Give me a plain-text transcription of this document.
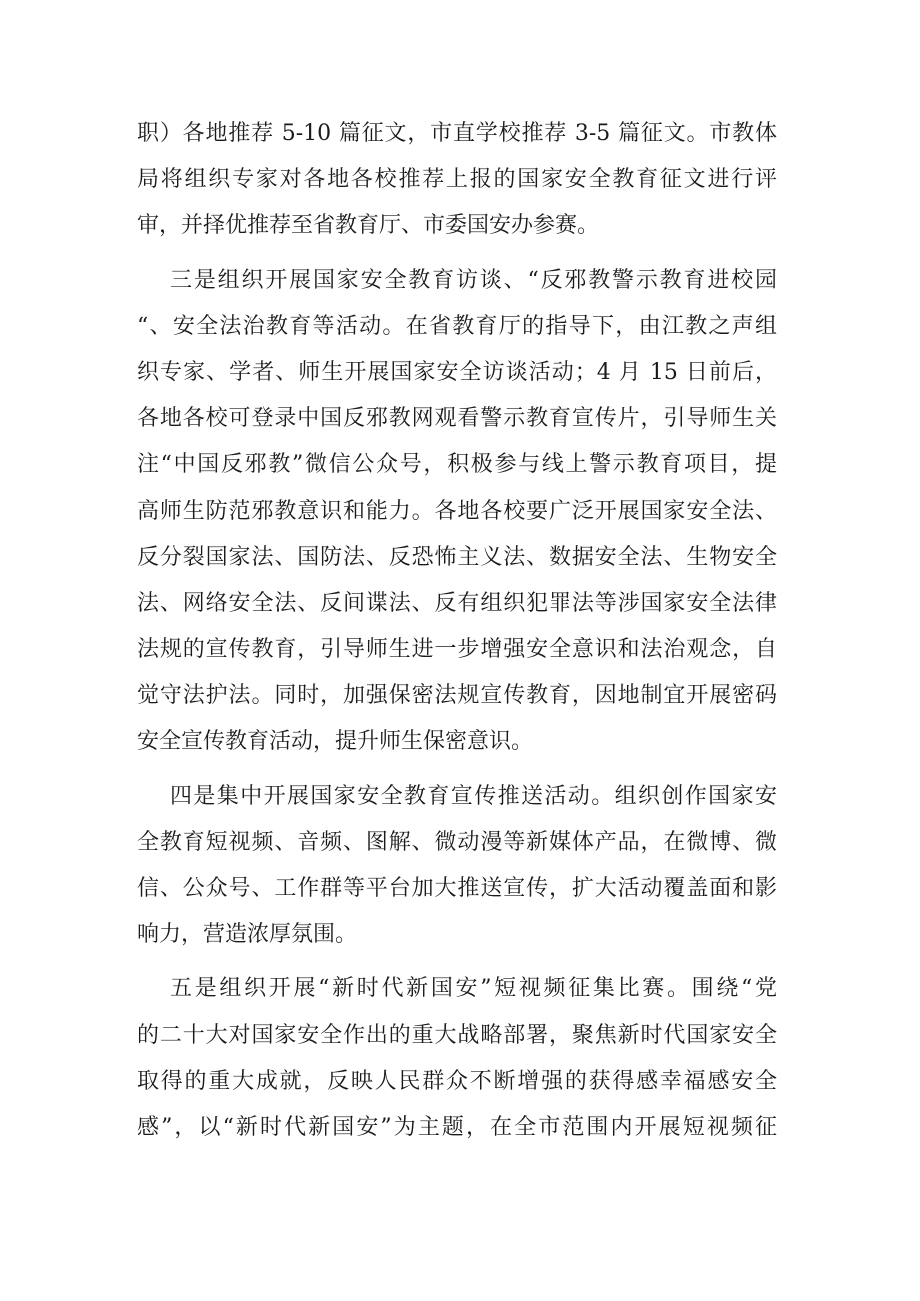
职）各地推荐 5-10 篇征文，市直学校推荐 3-5 篇征文。市教体
局将组织专家对各地各校推荐上报的国家安全教育征文进行评
审，并择优推荐至省教育厅、市委国安办参赛。
三是组织开展国家安全教育访谈、“反邪教警示教育进校园
“、安全法治教育等活动。在省教育厅的指导下，由江教之声组
织专家、学者、师生开展国家安全访谈活动；4 月 15 日前后，
各地各校可登录中国反邪教网观看警示教育宣传片，引导师生关
注“中国反邪教”微信公众号，积极参与线上警示教育项目，提
高师生防范邪教意识和能力。各地各校要广泛开展国家安全法、
反分裂国家法、国防法、反恐怖主义法、数据安全法、生物安全
法、网络安全法、反间谍法、反有组织犯罪法等涉国家安全法律
法规的宣传教育，引导师生进一步增强安全意识和法治观念，自
觉守法护法。同时，加强保密法规宣传教育，因地制宜开展密码
安全宣传教育活动，提升师生保密意识。
四是集中开展国家安全教育宣传推送活动。组织创作国家安
全教育短视频、音频、图解、微动漫等新媒体产品，在微博、微
信、公众号、工作群等平台加大推送宣传，扩大活动覆盖面和影
响力，营造浓厚氛围。
五是组织开展“新时代新国安”短视频征集比赛。围绕“党
的二十大对国家安全作出的重大战略部署，聚焦新时代国家安全
取得的重大成就，反映人民群众不断增强的获得感幸福感安全
感”，以“新时代新国安”为主题，在全市范围内开展短视频征
